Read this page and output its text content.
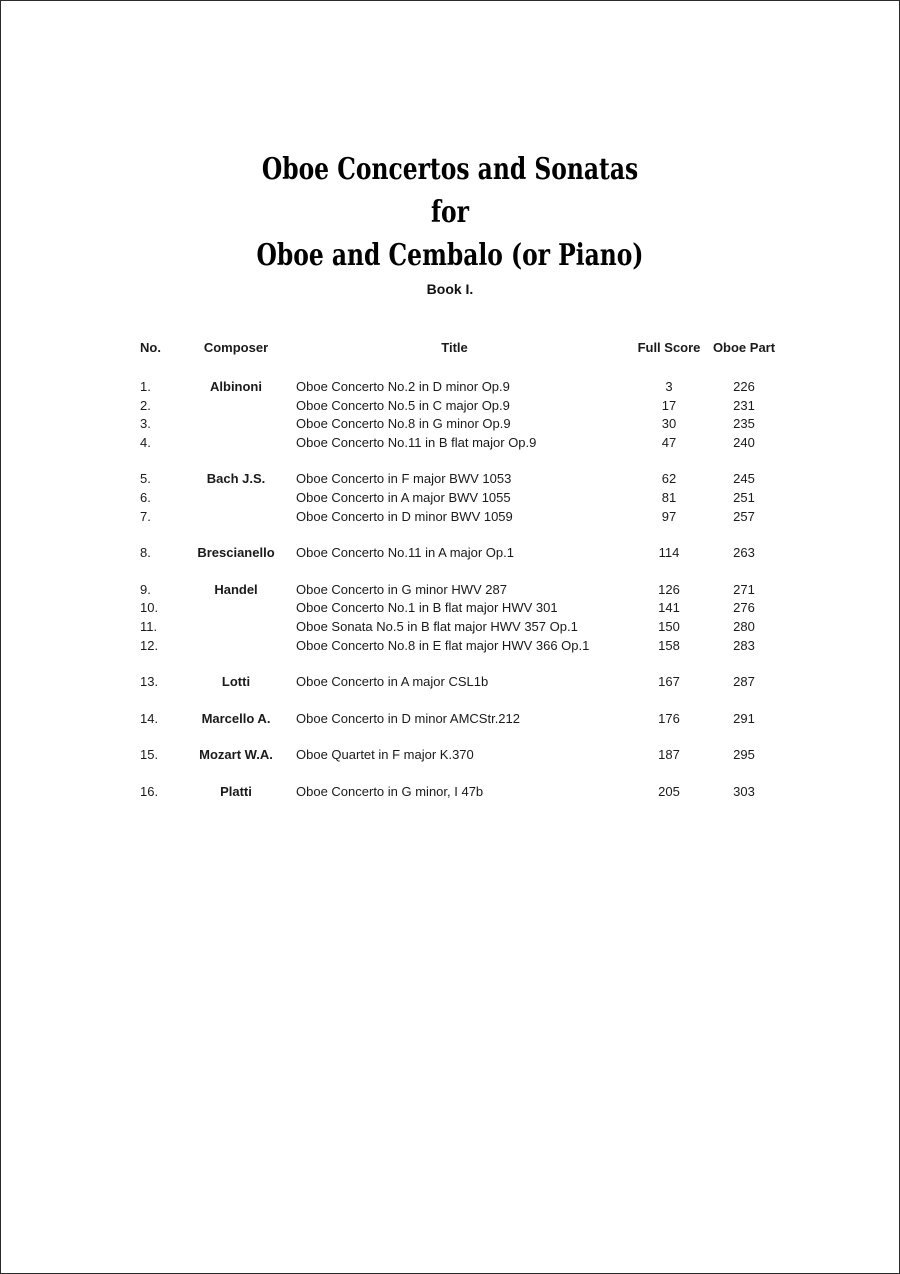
Oboe Concertos and Sonatas
for
Oboe and Cembalo (or Piano)
Book I.
No.	Composer	Title	Full Score	Oboe Part

1.	Albinoni	Oboe Concerto No.2 in D minor Op.9	3	226
2.		Oboe Concerto No.5 in C major Op.9	17	231
3.		Oboe Concerto No.8 in G minor Op.9	30	235
4.		Oboe Concerto No.11 in B flat major Op.9	47	240

5.	Bach J.S.	Oboe Concerto in F major BWV 1053	62	245
6.		Oboe Concerto in A major BWV 1055	81	251
7.		Oboe Concerto in D minor BWV 1059	97	257

8.	Brescianello	Oboe Concerto No.11 in A major Op.1	114	263

9.	Handel	Oboe Concerto in G minor HWV 287	126	271
10.		Oboe Concerto No.1 in B flat major HWV 301	141	276
11.		Oboe Sonata No.5 in B flat major HWV 357 Op.1	150	280
12.		Oboe Concerto No.8 in E flat major HWV 366 Op.1	158	283

13.	Lotti	Oboe Concerto in A major CSL1b	167	287

14.	Marcello A.	Oboe Concerto in D minor AMCStr.212	176	291

15.	Mozart W.A.	Oboe Quartet in F major K.370	187	295

16.	Platti	Oboe Concerto in G minor, I 47b	205	303
